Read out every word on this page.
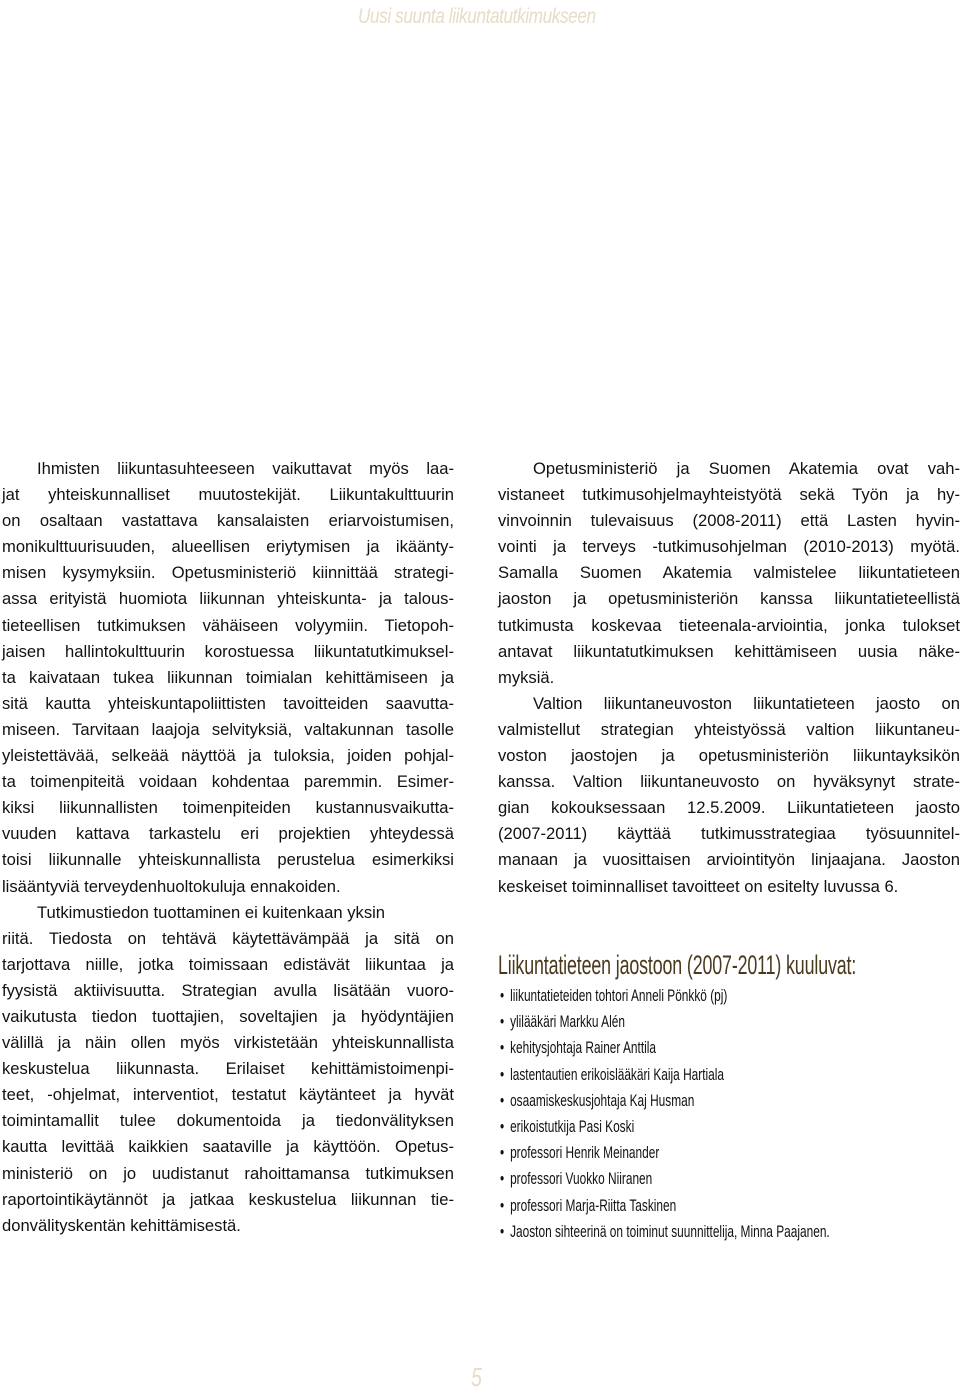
Uusi suunta liikuntatutkimukseen
Ihmisten liikuntasuhteeseen vaikuttavat myös laa-
jat yhteiskunnalliset muutostekijät. Liikuntakulttuurin
on osaltaan vastattava kansalaisten eriarvoistumisen,
monikulttuurisuuden, alueellisen eriytymisen ja ikäänty-
misen kysymyksiin. Opetusministeriö kiinnittää strategi-
assa erityistä huomiota liikunnan yhteiskunta- ja talous-
tieteellisen tutkimuksen vähäiseen volyymiin. Tietopoh-
jaisen hallintokulttuurin korostuessa liikuntatutkimuksel-
ta kaivataan tukea liikunnan toimialan kehittämiseen ja
sitä kautta yhteiskuntapoliittisten tavoitteiden saavutta-
miseen. Tarvitaan laajoja selvityksiä, valtakunnan tasolle
yleistettävää, selkeää näyttöä ja tuloksia, joiden pohjal-
ta toimenpiteitä voidaan kohdentaa paremmin. Esimer-
kiksi liikunnallisten toimenpiteiden kustannusvaikutta-
vuuden kattava tarkastelu eri projektien yhteydessä
toisi liikunnalle yhteiskunnallista perustelua esimerkiksi
lisääntyviä terveydenhuoltokuluja ennakoiden.
Tutkimustiedon tuottaminen ei kuitenkaan yksin
riitä. Tiedosta on tehtävä käytettävämpää ja sitä on
tarjottava niille, jotka toimissaan edistävät liikuntaa ja
fyysistä aktiivisuutta. Strategian avulla lisätään vuoro-
vaikutusta tiedon tuottajien, soveltajien ja hyödyntäjien
välillä ja näin ollen myös virkistetään yhteiskunnallista
keskustelua liikunnasta. Erilaiset kehittämistoimenpi-
teet, -ohjelmat, interventiot, testatut käytänteet ja hyvät
toimintamallit tulee dokumentoida ja tiedonvälityksen
kautta levittää kaikkien saataville ja käyttöön. Opetus-
ministeriö on jo uudistanut rahoittamansa tutkimuksen
raportointikäytännöt ja jatkaa keskustelua liikunnan tie-
donvälityskentän kehittämisestä.
Opetusministeriö ja Suomen Akatemia ovat vah-
vistaneet tutkimusohjelmayhteistyötä sekä Työn ja hy-
vinvoinnin tulevaisuus (2008-2011) että Lasten hyvin-
vointi ja terveys -tutkimusohjelman (2010-2013) myötä.
Samalla Suomen Akatemia valmistelee liikuntatieteen
jaoston ja opetusministeriön kanssa liikuntatieteellistä
tutkimusta koskevaa tieteenala-arviointia, jonka tulokset
antavat liikuntatutkimuksen kehittämiseen uusia näke-
myksiä.
Valtion liikuntaneuvoston liikuntatieteen jaosto on
valmistellut strategian yhteistyössä valtion liikuntaneu-
voston jaostojen ja opetusministeriön liikuntayksikön
kanssa. Valtion liikuntaneuvosto on hyväksynyt strate-
gian kokouksessaan 12.5.2009. Liikuntatieteen jaosto
(2007-2011) käyttää tutkimusstrategiaa työsuunnitel-
manaan ja vuosittaisen arviointityön linjaajana. Jaoston
keskeiset toiminnalliset tavoitteet on esitelty luvussa 6.
Liikuntatieteen jaostoon (2007-2011) kuuluvat:
• liikuntatieteiden tohtori Anneli Pönkkö (pj)
• ylilääkäri Markku Alén
• kehitysjohtaja Rainer Anttila
• lastentautien erikoislääkäri Kaija Hartiala
• osaamiskeskusjohtaja Kaj Husman
• erikoistutkija Pasi Koski
• professori Henrik Meinander
• professori Vuokko Niiranen
• professori Marja-Riitta Taskinen
• Jaoston sihteerinä on toiminut suunnittelija, Minna Paajanen.
5
